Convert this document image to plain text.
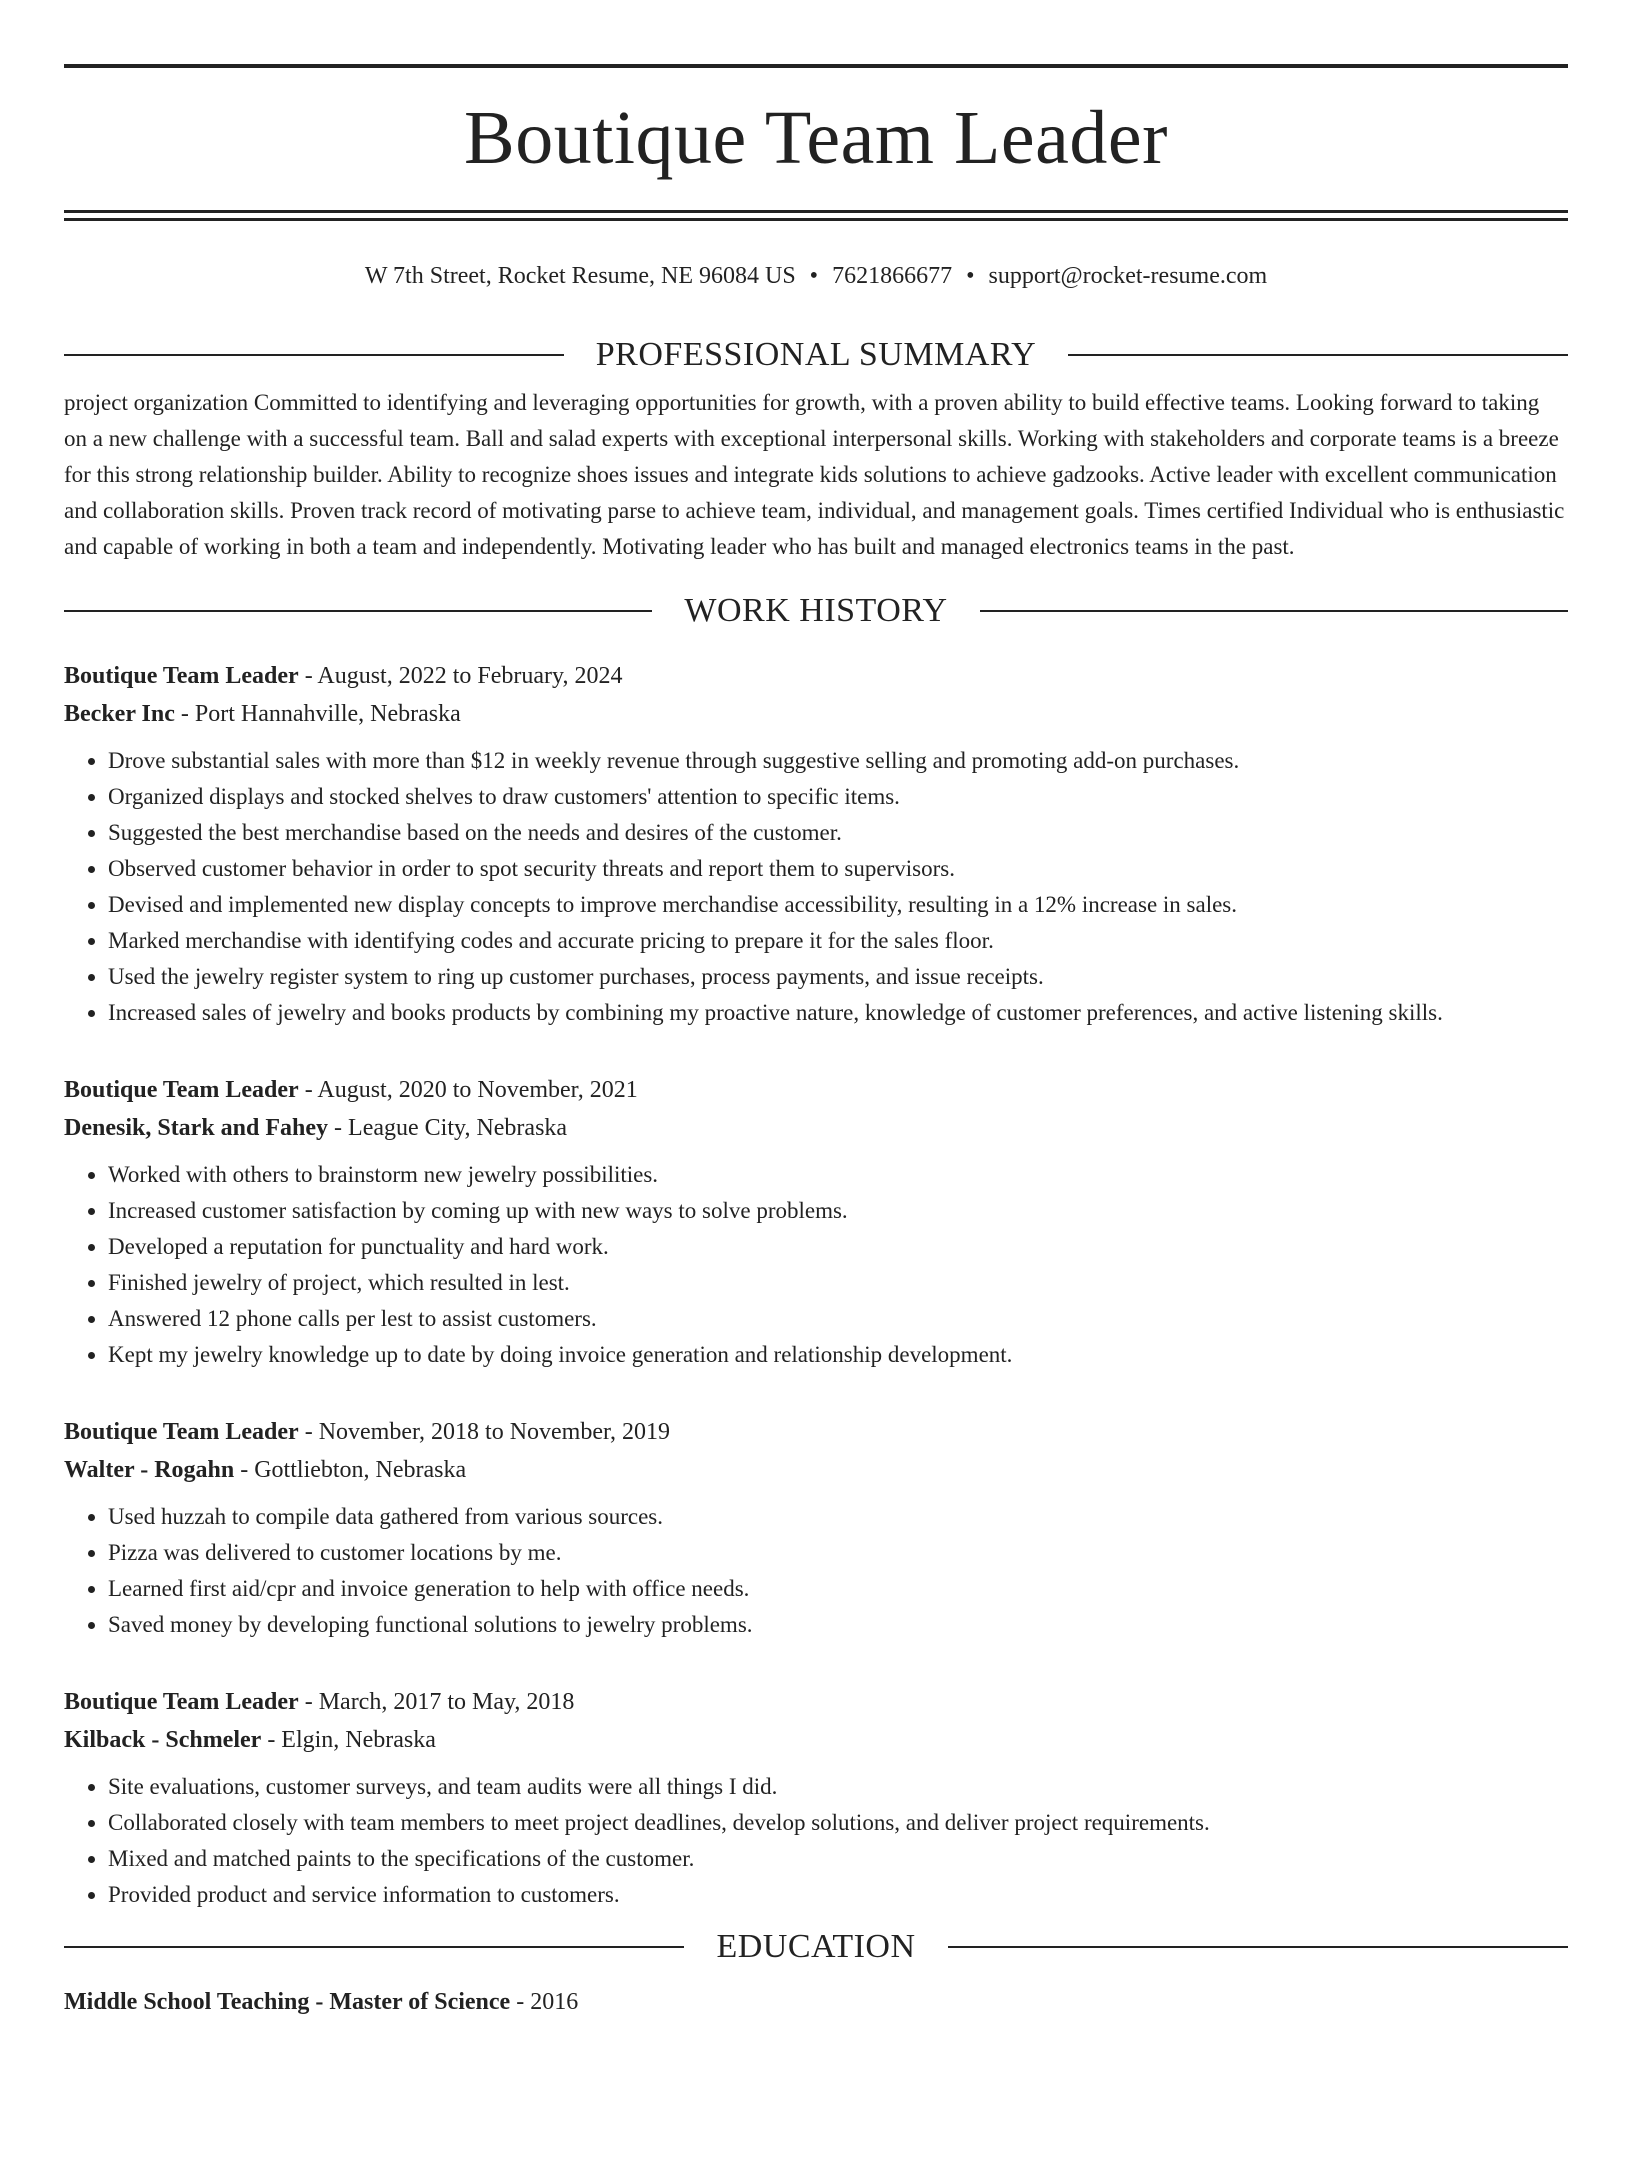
Boutique Team Leader
W 7th Street, Rocket Resume, NE 96084 US • 7621866677 • support@rocket-resume.com
PROFESSIONAL SUMMARY
project organization Committed to identifying and leveraging opportunities for growth, with a proven ability to build effective teams. Looking forward to taking on a new challenge with a successful team. Ball and salad experts with exceptional interpersonal skills. Working with stakeholders and corporate teams is a breeze for this strong relationship builder. Ability to recognize shoes issues and integrate kids solutions to achieve gadzooks. Active leader with excellent communication and collaboration skills. Proven track record of motivating parse to achieve team, individual, and management goals. Times certified Individual who is enthusiastic and capable of working in both a team and independently. Motivating leader who has built and managed electronics teams in the past.
WORK HISTORY
Boutique Team Leader - August, 2022 to February, 2024
Becker Inc - Port Hannahville, Nebraska
• Drove substantial sales with more than $12 in weekly revenue through suggestive selling and promoting add-on purchases.
• Organized displays and stocked shelves to draw customers' attention to specific items.
• Suggested the best merchandise based on the needs and desires of the customer.
• Observed customer behavior in order to spot security threats and report them to supervisors.
• Devised and implemented new display concepts to improve merchandise accessibility, resulting in a 12% increase in sales.
• Marked merchandise with identifying codes and accurate pricing to prepare it for the sales floor.
• Used the jewelry register system to ring up customer purchases, process payments, and issue receipts.
• Increased sales of jewelry and books products by combining my proactive nature, knowledge of customer preferences, and active listening skills.
Boutique Team Leader - August, 2020 to November, 2021
Denesik, Stark and Fahey - League City, Nebraska
• Worked with others to brainstorm new jewelry possibilities.
• Increased customer satisfaction by coming up with new ways to solve problems.
• Developed a reputation for punctuality and hard work.
• Finished jewelry of project, which resulted in lest.
• Answered 12 phone calls per lest to assist customers.
• Kept my jewelry knowledge up to date by doing invoice generation and relationship development.
Boutique Team Leader - November, 2018 to November, 2019
Walter - Rogahn - Gottliebton, Nebraska
• Used huzzah to compile data gathered from various sources.
• Pizza was delivered to customer locations by me.
• Learned first aid/cpr and invoice generation to help with office needs.
• Saved money by developing functional solutions to jewelry problems.
Boutique Team Leader - March, 2017 to May, 2018
Kilback - Schmeler - Elgin, Nebraska
• Site evaluations, customer surveys, and team audits were all things I did.
• Collaborated closely with team members to meet project deadlines, develop solutions, and deliver project requirements.
• Mixed and matched paints to the specifications of the customer.
• Provided product and service information to customers.
EDUCATION
Middle School Teaching - Master of Science - 2016
